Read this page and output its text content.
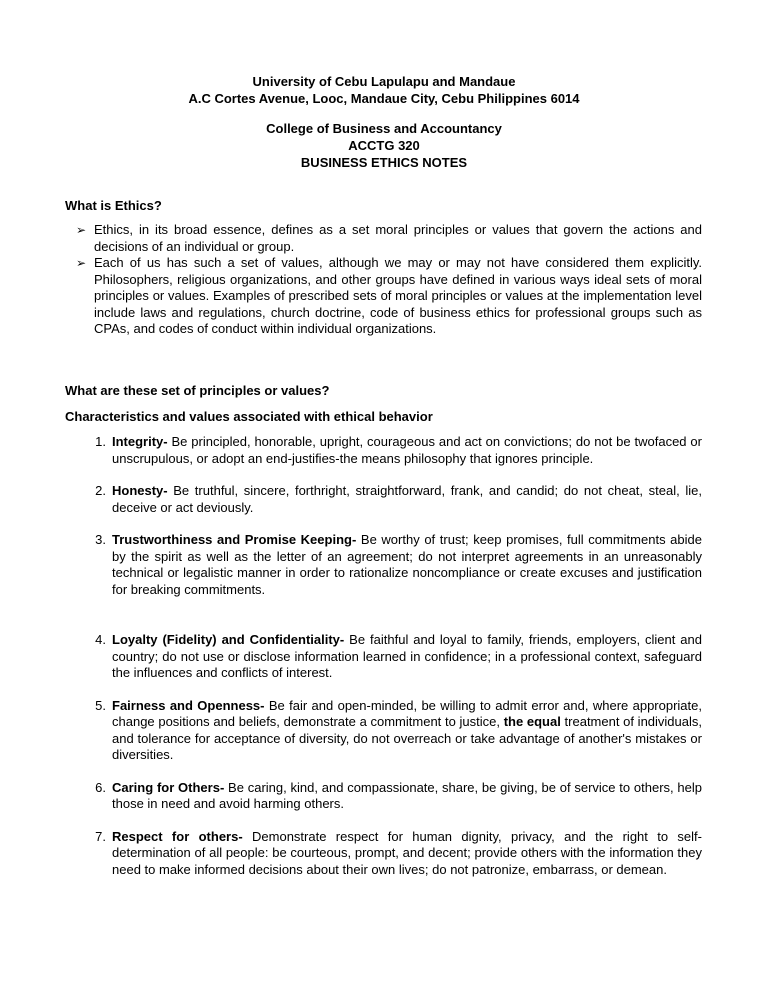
University of Cebu Lapulapu and Mandaue
A.C Cortes Avenue, Looc, Mandaue City, Cebu Philippines 6014
College of Business and Accountancy
ACCTG 320
BUSINESS ETHICS NOTES
What is Ethics?
➢ Ethics, in its broad essence, defines as a set moral principles or values that govern the actions and decisions of an individual or group.
➢ Each of us has such a set of values, although we may or may not have considered them explicitly. Philosophers, religious organizations, and other groups have defined in various ways ideal sets of moral principles or values. Examples of prescribed sets of moral principles or values at the implementation level include laws and regulations, church doctrine, code of business ethics for professional groups such as CPAs, and codes of conduct within individual organizations.
What are these set of principles or values?
Characteristics and values associated with ethical behavior
1. Integrity- Be principled, honorable, upright, courageous and act on convictions; do not be twofaced or unscrupulous, or adopt an end-justifies-the means philosophy that ignores principle.
2. Honesty- Be truthful, sincere, forthright, straightforward, frank, and candid; do not cheat, steal, lie, deceive or act deviously.
3. Trustworthiness and Promise Keeping- Be worthy of trust; keep promises, full commitments abide by the spirit as well as the letter of an agreement; do not interpret agreements in an unreasonably technical or legalistic manner in order to rationalize noncompliance or create excuses and justification for breaking commitments.
4. Loyalty (Fidelity) and Confidentiality- Be faithful and loyal to family, friends, employers, client and country; do not use or disclose information learned in confidence; in a professional context, safeguard the influences and conflicts of interest.
5. Fairness and Openness- Be fair and open-minded, be willing to admit error and, where appropriate, change positions and beliefs, demonstrate a commitment to justice, the equal treatment of individuals, and tolerance for acceptance of diversity, do not overreach or take advantage of another's mistakes or diversities.
6. Caring for Others- Be caring, kind, and compassionate, share, be giving, be of service to others, help those in need and avoid harming others.
7. Respect for others- Demonstrate respect for human dignity, privacy, and the right to self-determination of all people: be courteous, prompt, and decent; provide others with the information they need to make informed decisions about their own lives; do not patronize, embarrass, or demean.
